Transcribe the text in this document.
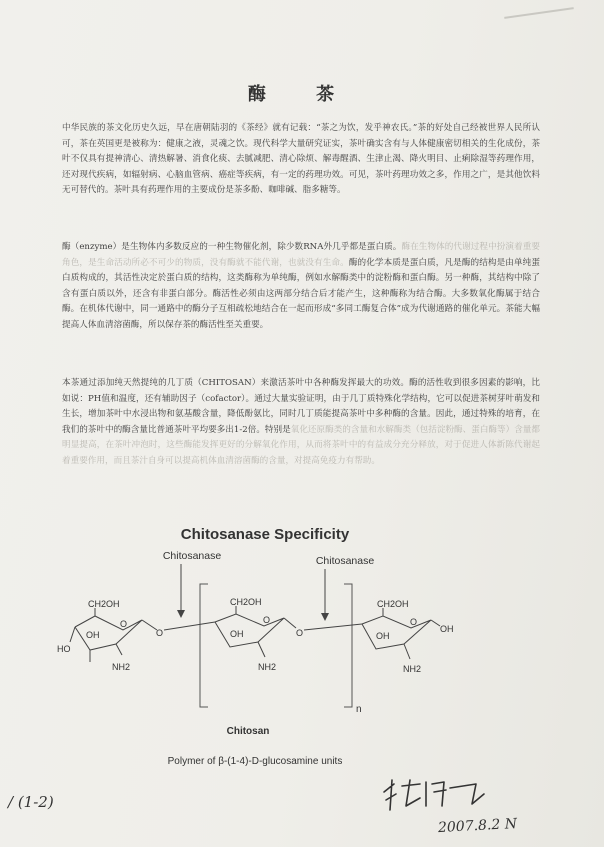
酶 茶

中华民族的茶文化历史久远，早在唐朝陆羽的《茶经》就有记载：“茶之为饮，发乎神农氏。”茶的好处自己经被世界人民所认可，茶在英国更是被称为：健康之液，灵魂之饮。现代科学大量研究证实，茶叶确实含有与人体健康密切相关的生化成份，茶叶不仅具有提神清心、清热解暑、消食化痰、去腻减肥、清心除烦、解毒醒酒、生津止渴、降火明目、止痢除湿等药理作用，还对现代疾病，如辐射病、心脑血管病、癌症等疾病，有一定的药理功效。可见，茶叶药理功效之多，作用之广，是其他饮料无可替代的。茶叶具有药理作用的主要成份是茶多酚、咖啡碱、脂多糖等。

酶（enzyme）是生物体内多数反应的一种生物催化剂，除少数RNA外几乎都是蛋白质。酶在生物体的代谢过程中扮演着重要角色，是生命活动所必不可少的物质，没有酶就不能代谢，也就没有生命。酶的化学本质是蛋白质，凡是酶的结构是由单纯蛋白质构成的，其活性决定於蛋白质的结构，这类酶称为单纯酶，例如水解酶类中的淀粉酶和蛋白酶。另一种酶，其结构中除了含有蛋白质以外，还含有非蛋白部分。酶活性必须由这两部分结合后才能产生，这种酶称为结合酶。大多数氧化酶属于结合酶。在机体代谢中，同一通路中的酶分子互相疏松地结合在一起而形成“多同工酶复合体”成为代谢通路的催化单元。茶能大幅提高人体血清溶菌酶，所以保存茶的酶活性至关重要。

本茶通过添加纯天然提纯的几丁质（CHITOSAN）来激活茶叶中各种酶发挥最大的功效。酶的活性收到很多因素的影响，比如说：PH值和温度，还有辅助因子（cofactor）。通过大量实验证明，由于几丁质特殊化学结构，它可以促进茶树芽叶萌发和生长，增加茶叶中水浸出物和氨基酸含量，降低酚氨比，同时几丁质能提高茶叶中多种酶的含量。因此，通过特殊的培育，在我们的茶叶中的酶含量比普通茶叶平均要多出1-2倍。特别是氧化还原酶类的含量和水解酶类（包括淀粉酶、蛋白酶等）含量都明显提高，在茶叶冲泡时，这些酶能发挥更好的分解氧化作用，从而将茶叶中的有益成分充分释放，对于促进人体新陈代谢起着重要作用，而且茶汁自身可以提高机体血清溶菌酶的含量，对提高免疫力有帮助。

Chitosanase Specificity
Chitosanase	Chitosanase
n
CH2OH
O
OH
HO
NH2
O
CH2OH
O
OH
NH2
O
CH2OH
O
OH
OH
NH2
Chitosan
Polymer of β-(1-4)-D-glucosamine units
/ (1-2)
2007.8.2 N
